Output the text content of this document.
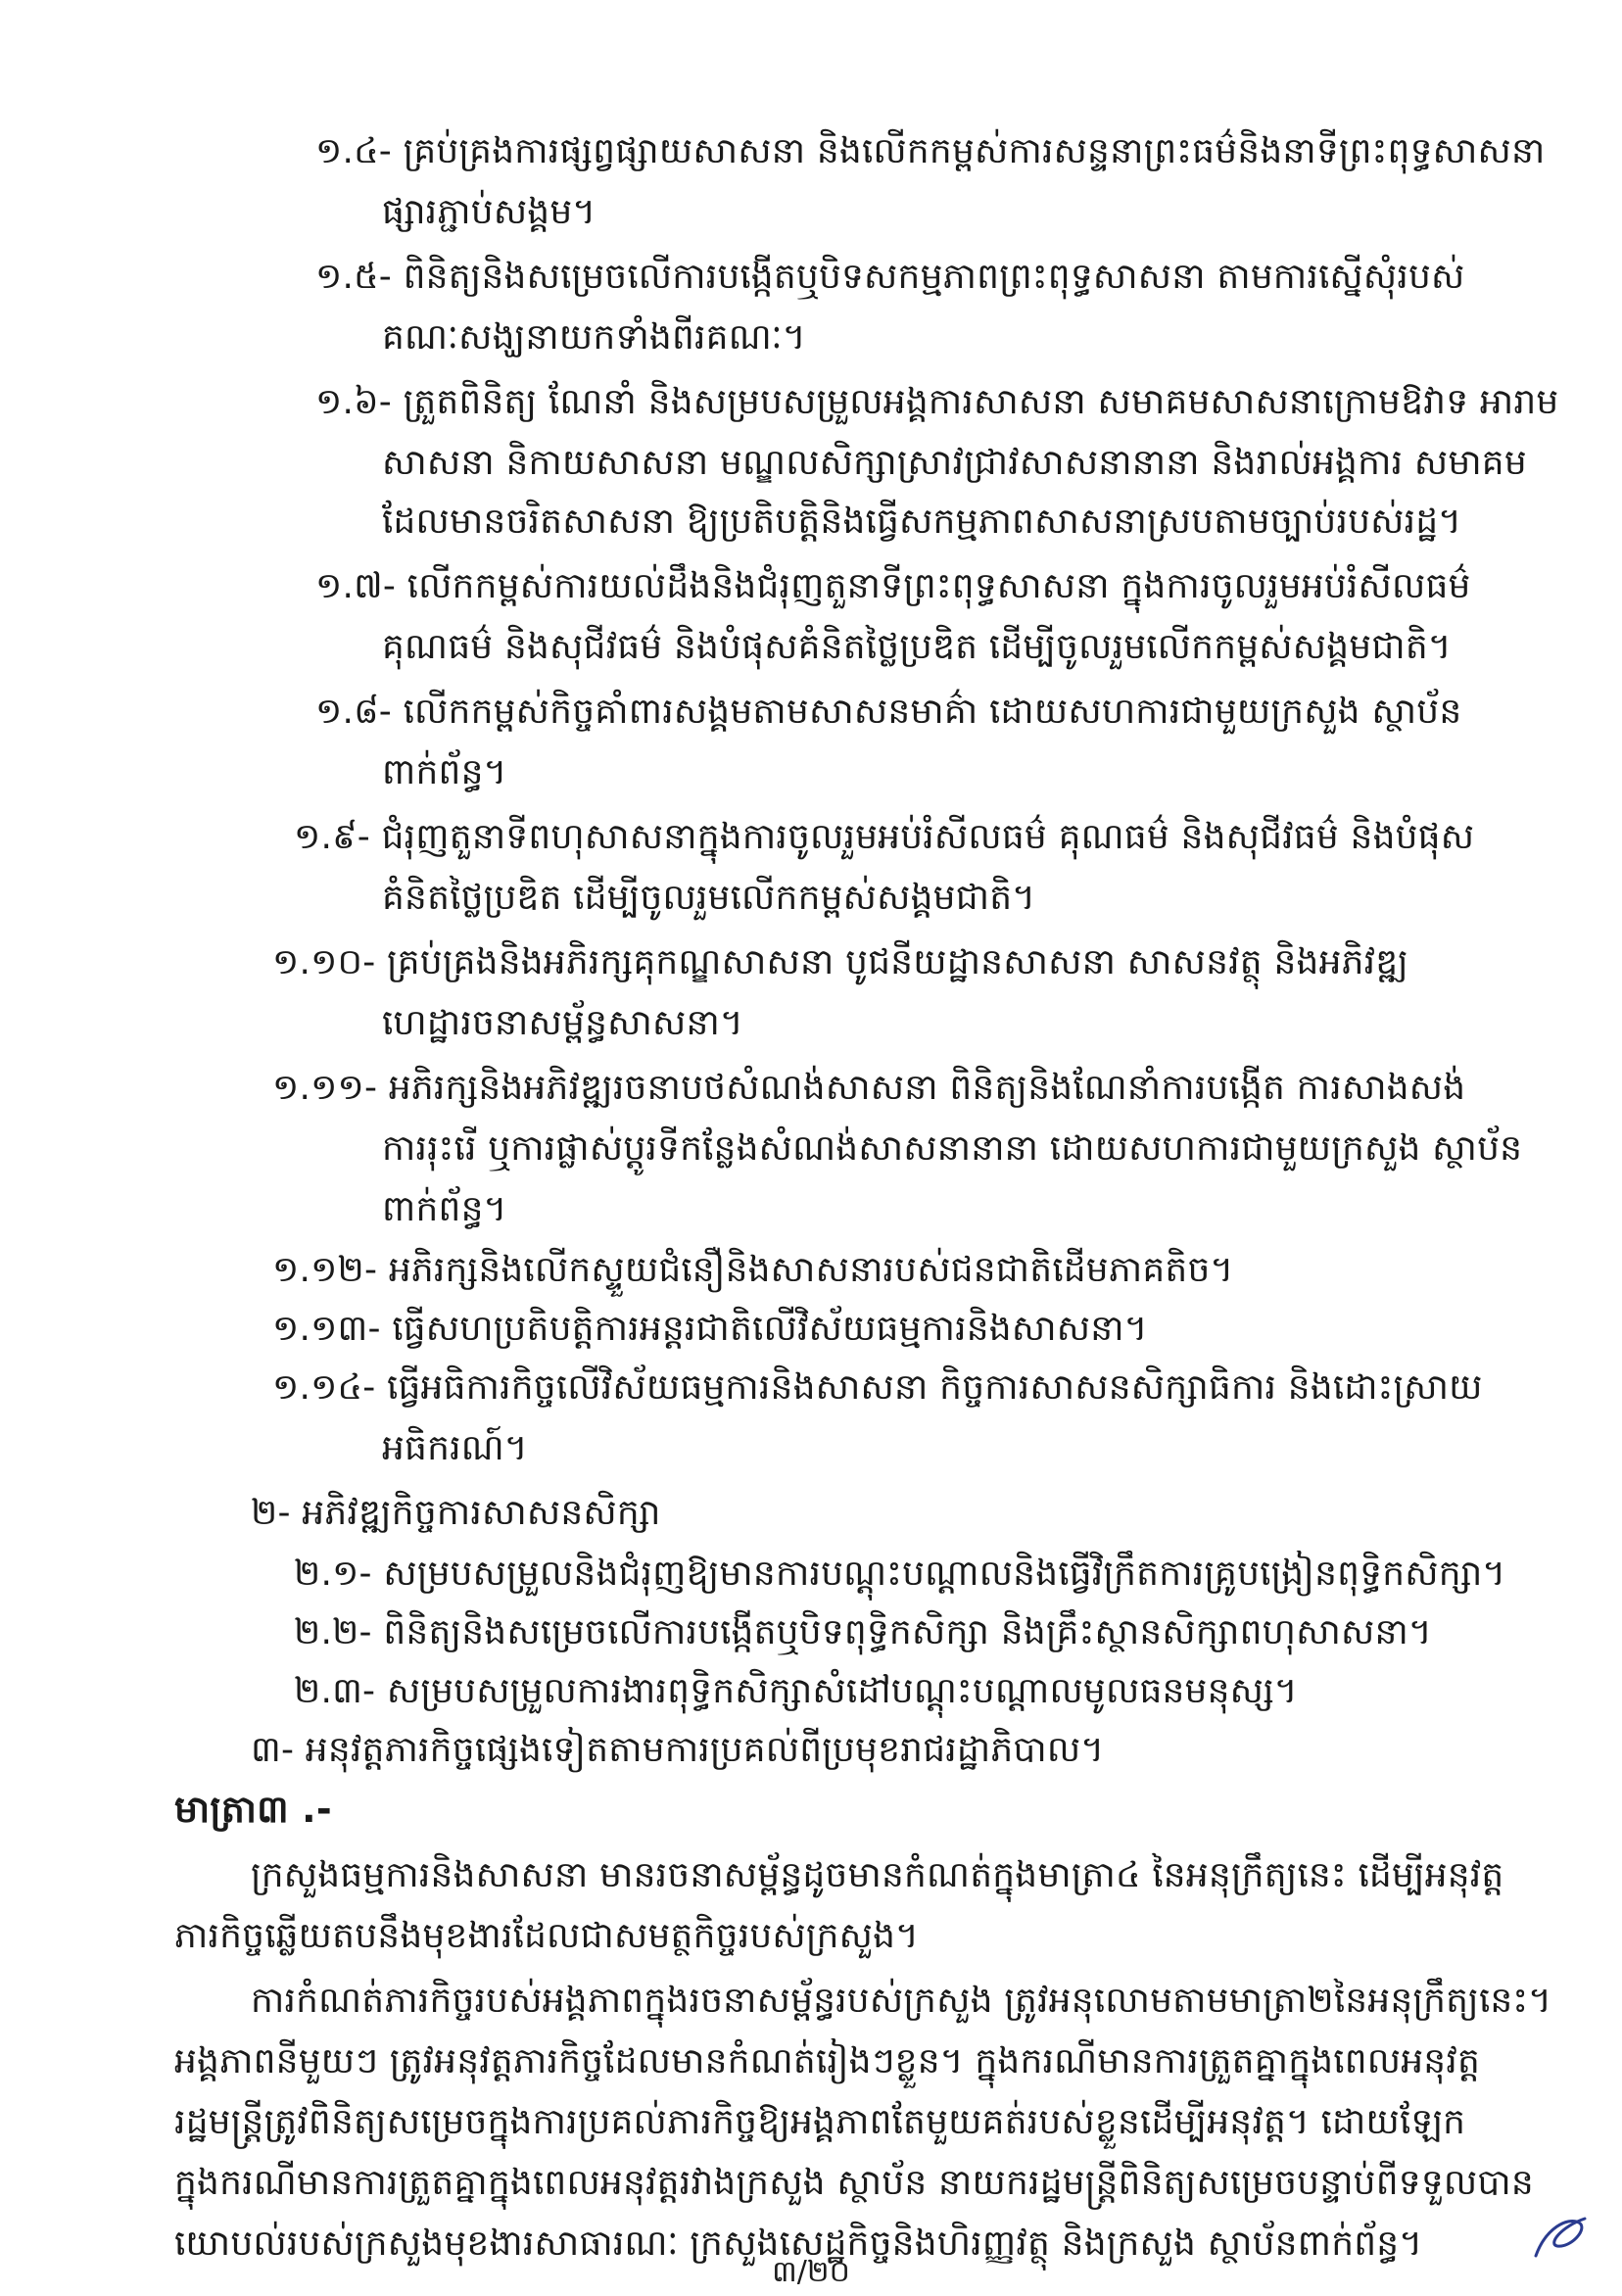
១.៤- គ្រប់គ្រងការផ្សព្វផ្សាយសាសនា និងលើកកម្ពស់ការសន្ទនាព្រះធម៌និងនាទីព្រះពុទ្ធសាសនា
ផ្សារភ្ជាប់សង្គម។
១.៥- ពិនិត្យនិងសម្រេចលើការបង្កើតឬបិទសកម្មភាពព្រះពុទ្ធសាសនា តាមការស្នើសុំរបស់
គណៈសង្ឃនាយកទាំងពីរគណៈ។
១.៦- ត្រួតពិនិត្យ ណែនាំ និងសម្របសម្រួលអង្គការសាសនា សមាគមសាសនាក្រោមឱវាទ អារាម
សាសនា និកាយសាសនា មណ្ឌលសិក្សាស្រាវជ្រាវសាសនានានា និងរាល់អង្គការ សមាគម
ដែលមានចរិតសាសនា ឱ្យប្រតិបត្តិនិងធ្វើសកម្មភាពសាសនាស្របតាមច្បាប់របស់រដ្ឋ។
១.៧- លើកកម្ពស់ការយល់ដឹងនិងជំរុញតួនាទីព្រះពុទ្ធសាសនា ក្នុងការចូលរួមអប់រំសីលធម៌
គុណធម៌ និងសុជីវធម៌ និងបំផុសគំនិតថ្លៃប្រឌិត ដើម្បីចូលរួមលើកកម្ពស់សង្គមជាតិ។
១.៨- លើកកម្ពស់កិច្ចគាំពារសង្គមតាមសាសនមាគ៌ា ដោយសហការជាមួយក្រសួង ស្ថាប័ន
ពាក់ព័ន្ធ។
១.៩- ជំរុញតួនាទីពហុសាសនាក្នុងការចូលរួមអប់រំសីលធម៌ គុណធម៌ និងសុជីវធម៌ និងបំផុស
គំនិតថ្លៃប្រឌិត ដើម្បីចូលរួមលើកកម្ពស់សង្គមជាតិ។
១.១០- គ្រប់គ្រងនិងអភិរក្សគុកណ្ឌសាសនា បូជនីយដ្ឋានសាសនា សាសនវត្ថុ និងអភិវឌ្ឍ
ហេដ្ឋារចនាសម្ព័ន្ធសាសនា។
១.១១- អភិរក្សនិងអភិវឌ្ឍរចនាបថសំណង់សាសនា ពិនិត្យនិងណែនាំការបង្កើត ការសាងសង់
ការរុះរើ ឬការផ្លាស់ប្តូរទីកន្លែងសំណង់សាសនានានា ដោយសហការជាមួយក្រសួង ស្ថាប័ន
ពាក់ព័ន្ធ។
១.១២- អភិរក្សនិងលើកស្ទួយជំនឿនិងសាសនារបស់ជនជាតិដើមភាគតិច។
១.១៣- ធ្វើសហប្រតិបត្តិការអន្តរជាតិលើវិស័យធម្មការនិងសាសនា។
១.១៤- ធ្វើអធិការកិច្ចលើវិស័យធម្មការនិងសាសនា កិច្ចការសាសនសិក្សាធិការ និងដោះស្រាយ
អធិករណ៍។
២- អភិវឌ្ឍកិច្ចការសាសនសិក្សា
២.១- សម្របសម្រួលនិងជំរុញឱ្យមានការបណ្តុះបណ្តាលនិងធ្វើវិក្រឹតការគ្រូបង្រៀនពុទ្ធិកសិក្សា។
២.២- ពិនិត្យនិងសម្រេចលើការបង្កើតឬបិទពុទ្ធិកសិក្សា និងគ្រឹះស្ថានសិក្សាពហុសាសនា។
២.៣- សម្របសម្រួលការងារពុទ្ធិកសិក្សាសំដៅបណ្តុះបណ្តាលមូលធនមនុស្ស។
៣- អនុវត្តភារកិច្ចផ្សេងទៀតតាមការប្រគល់ពីប្រមុខរាជរដ្ឋាភិបាល។
មាត្រា៣ .-
ក្រសួងធម្មការនិងសាសនា មានរចនាសម្ព័ន្ធដូចមានកំណត់ក្នុងមាត្រា៤ នៃអនុក្រឹត្យនេះ ដើម្បីអនុវត្ត
ភារកិច្ចឆ្លើយតបនឹងមុខងារដែលជាសមត្ថកិច្ចរបស់ក្រសួង។
ការកំណត់ភារកិច្ចរបស់អង្គភាពក្នុងរចនាសម្ព័ន្ធរបស់ក្រសួង ត្រូវអនុលោមតាមមាត្រា២នៃអនុក្រឹត្យនេះ។
អង្គភាពនីមួយៗ ត្រូវអនុវត្តភារកិច្ចដែលមានកំណត់រៀងៗខ្លួន។ ក្នុងករណីមានការត្រួតគ្នាក្នុងពេលអនុវត្ត
រដ្ឋមន្ត្រីត្រូវពិនិត្យសម្រេចក្នុងការប្រគល់ភារកិច្ចឱ្យអង្គភាពតែមួយគត់របស់ខ្លួនដើម្បីអនុវត្ត។ ដោយឡែក
ក្នុងករណីមានការត្រួតគ្នាក្នុងពេលអនុវត្តរវាងក្រសួង ស្ថាប័ន នាយករដ្ឋមន្ត្រីពិនិត្យសម្រេចបន្ទាប់ពីទទួលបាន
យោបល់របស់ក្រសួងមុខងារសាធារណៈ ក្រសួងសេដ្ឋកិច្ចនិងហិរញ្ញវត្ថុ និងក្រសួង ស្ថាប័នពាក់ព័ន្ធ។
៣/២០
